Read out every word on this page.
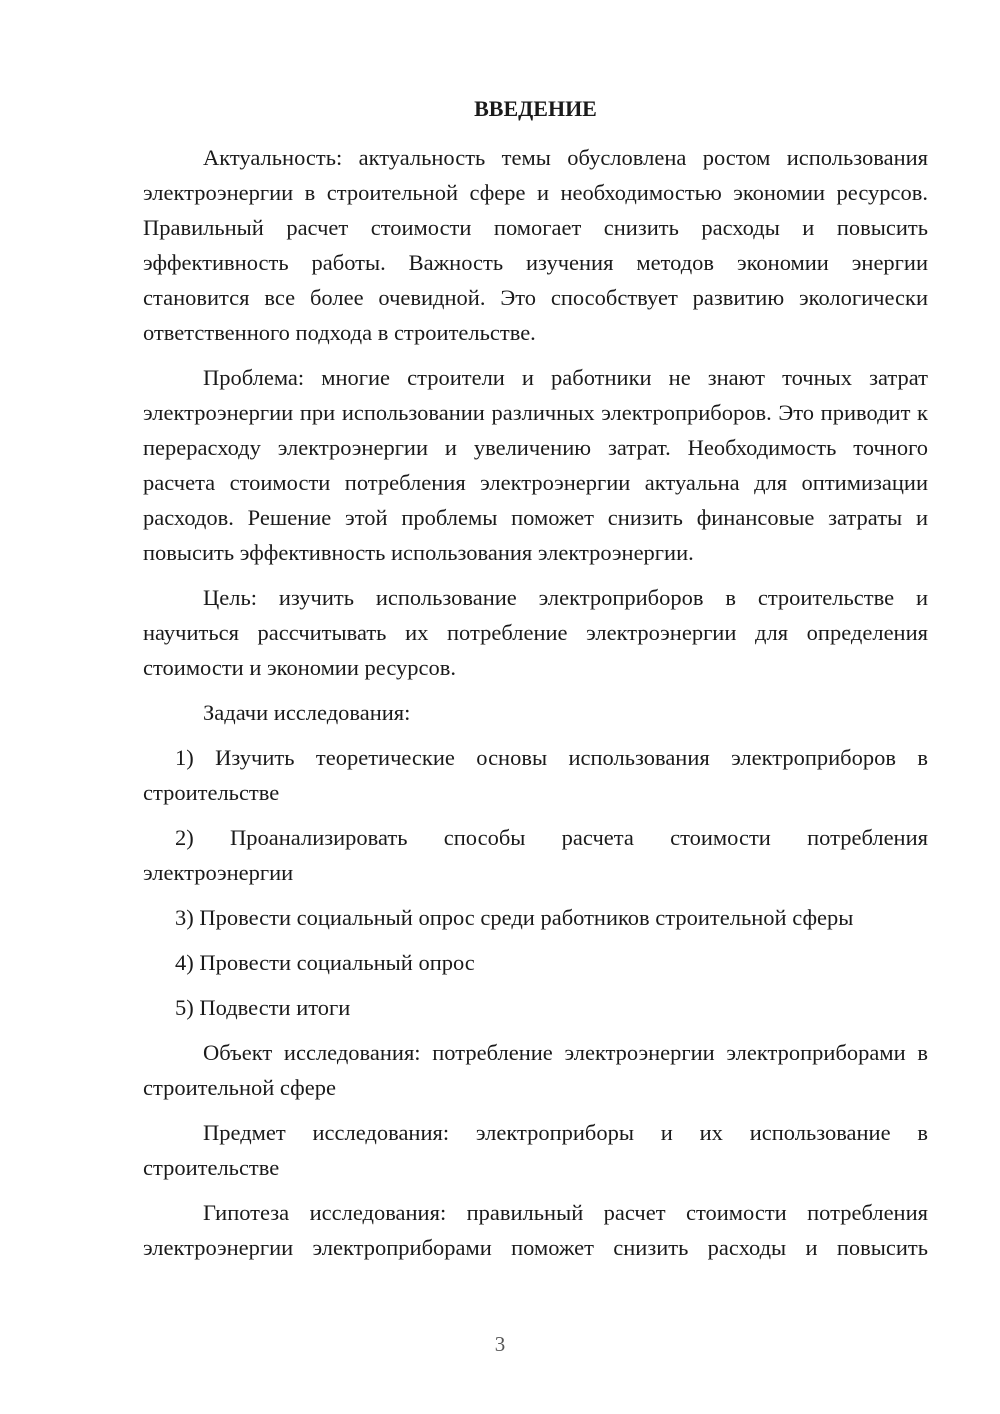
ВВЕДЕНИЕ

Актуальность: актуальность темы обусловлена ростом использования электроэнергии в строительной сфере и необходимостью экономии ресурсов. Правильный расчет стоимости помогает снизить расходы и повысить эффективность работы. Важность изучения методов экономии энергии становится все более очевидной. Это способствует развитию экологически ответственного подхода в строительстве.

Проблема: многие строители и работники не знают точных затрат электроэнергии при использовании различных электроприборов. Это приводит к перерасходу электроэнергии и увеличению затрат. Необходимость точного расчета стоимости потребления электроэнергии актуальна для оптимизации расходов. Решение этой проблемы поможет снизить финансовые затраты и повысить эффективность использования электроэнергии.

Цель: изучить использование электроприборов в строительстве и научиться рассчитывать их потребление электроэнергии для определения стоимости и экономии ресурсов.

Задачи исследования:

1) Изучить теоретические основы использования электроприборов в строительстве

2) Проанализировать способы расчета стоимости потребления электроэнергии

3) Провести социальный опрос среди работников строительной сферы

4) Провести социальный опрос

5) Подвести итоги

Объект исследования: потребление электроэнергии электроприборами в строительной сфере

Предмет исследования: электроприборы и их использование в строительстве

Гипотеза исследования: правильный расчет стоимости потребления электроэнергии электроприборами поможет снизить расходы и повысить

3
